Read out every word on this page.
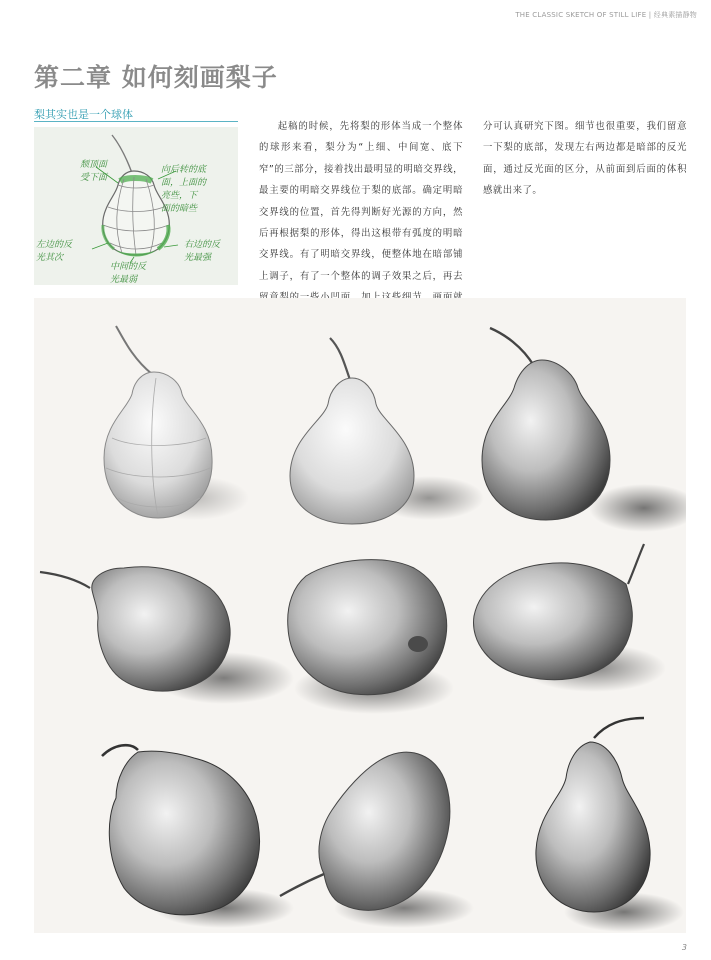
THE CLASSIC SKETCH OF STILL LIFE | 经典素描静物
第二章 如何刻画梨子
梨其实也是一个球体
颓顶面
受下面
向后转的底
面，上面的
亮些，下
面的暗些
左边的反
光其次
中间的反
光最弱
右边的反
光最强
起稿的时候，先将梨的形体当成一个整体的球形来看，梨分为“上细、中间宽、底下窄”的三部分，接着找出最明显的明暗交界线，最主要的明暗交界线位于梨的底部。确定明暗交界线的位置，首先得判断好光源的方向，然后再根据梨的形体，得出这根带有弧度的明暗交界线。有了明暗交界线，便整体地在暗部铺上调子，有了一个整体的调子效果之后，再去
分可认真研究下图。细节也很重要，我们留意一下梨的底部，发现左右两边都是暗部的反光面，通过反光面的区分，从前面到后面的体积感就出来了。
3
